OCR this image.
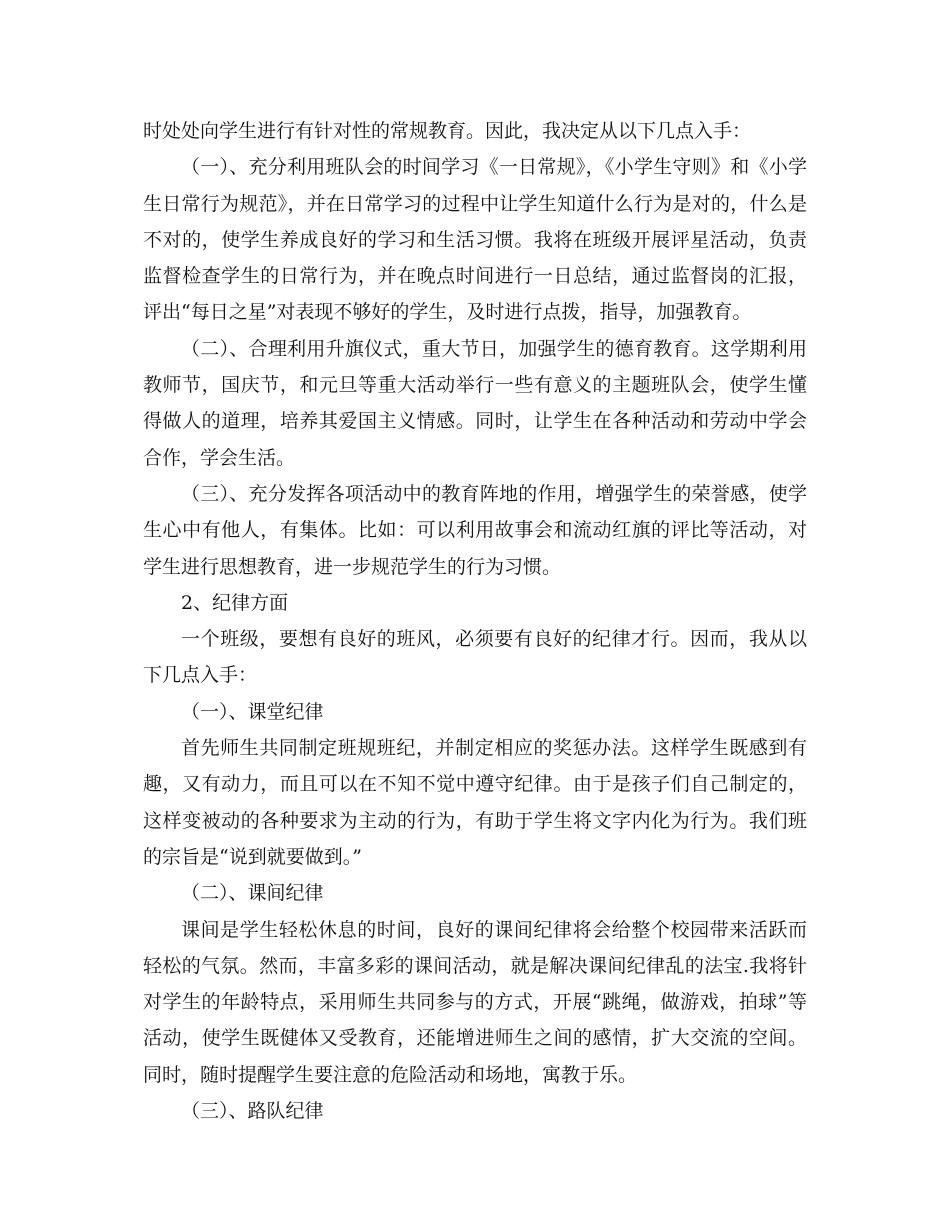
时处处向学生进行有针对性的常规教育。因此，我决定从以下几点入手：

（一）、充分利用班队会的时间学习《一日常规》，《小学生守则》和《小学生日常行为规范》，并在日常学习的过程中让学生知道什么行为是对的，什么是不对的，使学生养成良好的学习和生活习惯。我将在班级开展评星活动，负责监督检查学生的日常行为，并在晚点时间进行一日总结，通过监督岗的汇报，评出“每日之星”对表现不够好的学生，及时进行点拨，指导，加强教育。

（二）、合理利用升旗仪式，重大节日，加强学生的德育教育。这学期利用教师节，国庆节，和元旦等重大活动举行一些有意义的主题班队会，使学生懂得做人的道理，培养其爱国主义情感。同时，让学生在各种活动和劳动中学会合作，学会生活。

（三）、充分发挥各项活动中的教育阵地的作用，增强学生的荣誉感，使学生心中有他人，有集体。比如：可以利用故事会和流动红旗的评比等活动，对学生进行思想教育，进一步规范学生的行为习惯。

2、纪律方面

一个班级，要想有良好的班风，必须要有良好的纪律才行。因而，我从以下几点入手：

（一）、课堂纪律

首先师生共同制定班规班纪，并制定相应的奖惩办法。这样学生既感到有趣，又有动力，而且可以在不知不觉中遵守纪律。由于是孩子们自己制定的，这样变被动的各种要求为主动的行为，有助于学生将文字内化为行为。我们班的宗旨是“说到就要做到。”

（二）、课间纪律

课间是学生轻松休息的时间，良好的课间纪律将会给整个校园带来活跃而轻松的气氛。然而，丰富多彩的课间活动，就是解决课间纪律乱的法宝.我将针对学生的年龄特点，采用师生共同参与的方式，开展“跳绳，做游戏，拍球”等活动，使学生既健体又受教育，还能增进师生之间的感情，扩大交流的空间。同时，随时提醒学生要注意的危险活动和场地，寓教于乐。

（三）、路队纪律
